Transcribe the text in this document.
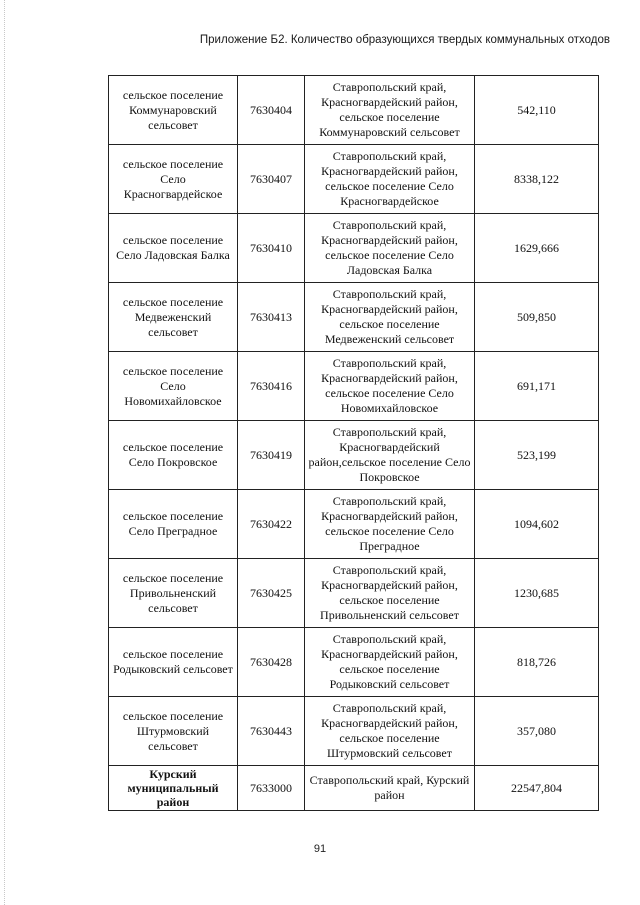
Приложение Б2. Количество образующихся твердых коммунальных отходов
сельское поселение Коммунаровский сельсовет	7630404	Ставропольский край, Красногвардейский район, сельское поселение Коммунаровский сельсовет	542,110
сельское поселение Село Красногвардейское	7630407	Ставропольский край, Красногвардейский район, сельское поселение Село Красногвардейское	8338,122
сельское поселение Село Ладовская Балка	7630410	Ставропольский край, Красногвардейский район, сельское поселение Село Ладовская Балка	1629,666
сельское поселение Медвеженский сельсовет	7630413	Ставропольский край, Красногвардейский район, сельское поселение Медвеженский сельсовет	509,850
сельское поселение Село Новомихайловское	7630416	Ставропольский край, Красногвардейский район, сельское поселение Село Новомихайловское	691,171
сельское поселение Село Покровское	7630419	Ставропольский край, Красногвардейский район,сельское поселение Село Покровское	523,199
сельское поселение Село Преградное	7630422	Ставропольский край, Красногвардейский район, сельское поселение Село Преградное	1094,602
сельское поселение Привольненский сельсовет	7630425	Ставропольский край, Красногвардейский район, сельское поселение Привольненский сельсовет	1230,685
сельское поселение Родыковский сельсовет	7630428	Ставропольский край, Красногвардейский район, сельское поселение Родыковский сельсовет	818,726
сельское поселение Штурмовский сельсовет	7630443	Ставропольский край, Красногвардейский район, сельское поселение Штурмовский сельсовет	357,080
Курский муниципальный район	7633000	Ставропольский край, Курский район	22547,804
91
